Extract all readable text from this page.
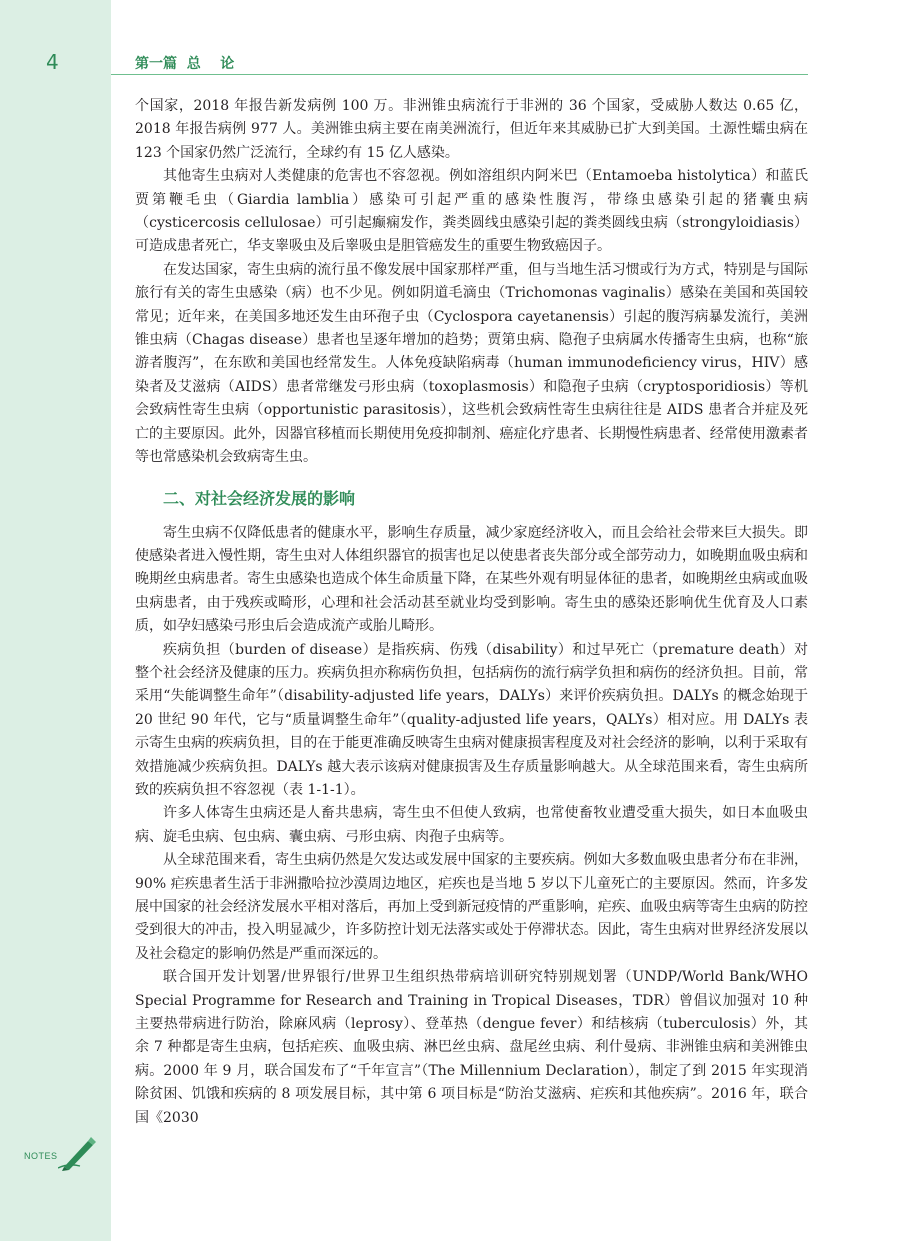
4	第一篇  总    论

个国家，2018 年报告新发病例 100 万。非洲锥虫病流行于非洲的 36 个国家，受威胁人数达 0.65 亿，2018 年报告病例 977 人。美洲锥虫病主要在南美洲流行，但近年来其威胁已扩大到美国。土源性蠕虫病在 123 个国家仍然广泛流行，全球约有 15 亿人感染。

其他寄生虫病对人类健康的危害也不容忽视。例如溶组织内阿米巴（Entamoeba histolytica）和蓝氏贾第鞭毛虫（Giardia lamblia）感染可引起严重的感染性腹泻，带绦虫感染引起的猪囊虫病（cysticercosis cellulosae）可引起癫痫发作，粪类圆线虫感染引起的粪类圆线虫病（strongyloidiasis）可造成患者死亡，华支睾吸虫及后睾吸虫是胆管癌发生的重要生物致癌因子。

在发达国家，寄生虫病的流行虽不像发展中国家那样严重，但与当地生活习惯或行为方式，特别是与国际旅行有关的寄生虫感染（病）也不少见。例如阴道毛滴虫（Trichomonas vaginalis）感染在美国和英国较常见；近年来，在美国多地还发生由环孢子虫（Cyclospora cayetanensis）引起的腹泻病暴发流行，美洲锥虫病（Chagas disease）患者也呈逐年增加的趋势；贾第虫病、隐孢子虫病属水传播寄生虫病，也称“旅游者腹泻”，在东欧和美国也经常发生。人体免疫缺陷病毒（human immunodeficiency virus，HIV）感染者及艾滋病（AIDS）患者常继发弓形虫病（toxoplasmosis）和隐孢子虫病（cryptosporidiosis）等机会致病性寄生虫病（opportunistic parasitosis），这些机会致病性寄生虫病往往是 AIDS 患者合并症及死亡的主要原因。此外，因器官移植而长期使用免疫抑制剂、癌症化疗患者、长期慢性病患者、经常使用激素者等也常感染机会致病寄生虫。

二、对社会经济发展的影响

寄生虫病不仅降低患者的健康水平，影响生存质量，减少家庭经济收入，而且会给社会带来巨大损失。即使感染者进入慢性期，寄生虫对人体组织器官的损害也足以使患者丧失部分或全部劳动力，如晚期血吸虫病和晚期丝虫病患者。寄生虫感染也造成个体生命质量下降，在某些外观有明显体征的患者，如晚期丝虫病或血吸虫病患者，由于残疾或畸形，心理和社会活动甚至就业均受到影响。寄生虫的感染还影响优生优育及人口素质，如孕妇感染弓形虫后会造成流产或胎儿畸形。

疾病负担（burden of disease）是指疾病、伤残（disability）和过早死亡（premature death）对整个社会经济及健康的压力。疾病负担亦称病伤负担，包括病伤的流行病学负担和病伤的经济负担。目前，常采用“失能调整生命年”（disability-adjusted life years，DALYs）来评价疾病负担。DALYs 的概念始现于 20 世纪 90 年代，它与“质量调整生命年”（quality-adjusted life years，QALYs）相对应。用 DALYs 表示寄生虫病的疾病负担，目的在于能更准确反映寄生虫病对健康损害程度及对社会经济的影响，以利于采取有效措施减少疾病负担。DALYs 越大表示该病对健康损害及生存质量影响越大。从全球范围来看，寄生虫病所致的疾病负担不容忽视（表 1-1-1）。

许多人体寄生虫病还是人畜共患病，寄生虫不但使人致病，也常使畜牧业遭受重大损失，如日本血吸虫病、旋毛虫病、包虫病、囊虫病、弓形虫病、肉孢子虫病等。

从全球范围来看，寄生虫病仍然是欠发达或发展中国家的主要疾病。例如大多数血吸虫患者分布在非洲，90% 疟疾患者生活于非洲撒哈拉沙漠周边地区，疟疾也是当地 5 岁以下儿童死亡的主要原因。然而，许多发展中国家的社会经济发展水平相对落后，再加上受到新冠疫情的严重影响，疟疾、血吸虫病等寄生虫病的防控受到很大的冲击，投入明显减少，许多防控计划无法落实或处于停滞状态。因此，寄生虫病对世界经济发展以及社会稳定的影响仍然是严重而深远的。

联合国开发计划署/世界银行/世界卫生组织热带病培训研究特别规划署（UNDP/World Bank/WHO Special Programme for Research and Training in Tropical Diseases，TDR）曾倡议加强对 10 种主要热带病进行防治，除麻风病（leprosy）、登革热（dengue fever）和结核病（tuberculosis）外，其余 7 种都是寄生虫病，包括疟疾、血吸虫病、淋巴丝虫病、盘尾丝虫病、利什曼病、非洲锥虫病和美洲锥虫病。2000 年 9 月，联合国发布了“千年宣言”（The Millennium Declaration），制定了到 2015 年实现消除贫困、饥饿和疾病的 8 项发展目标，其中第 6 项目标是“防治艾滋病、疟疾和其他疾病”。2016 年，联合国《2030

NOTES
